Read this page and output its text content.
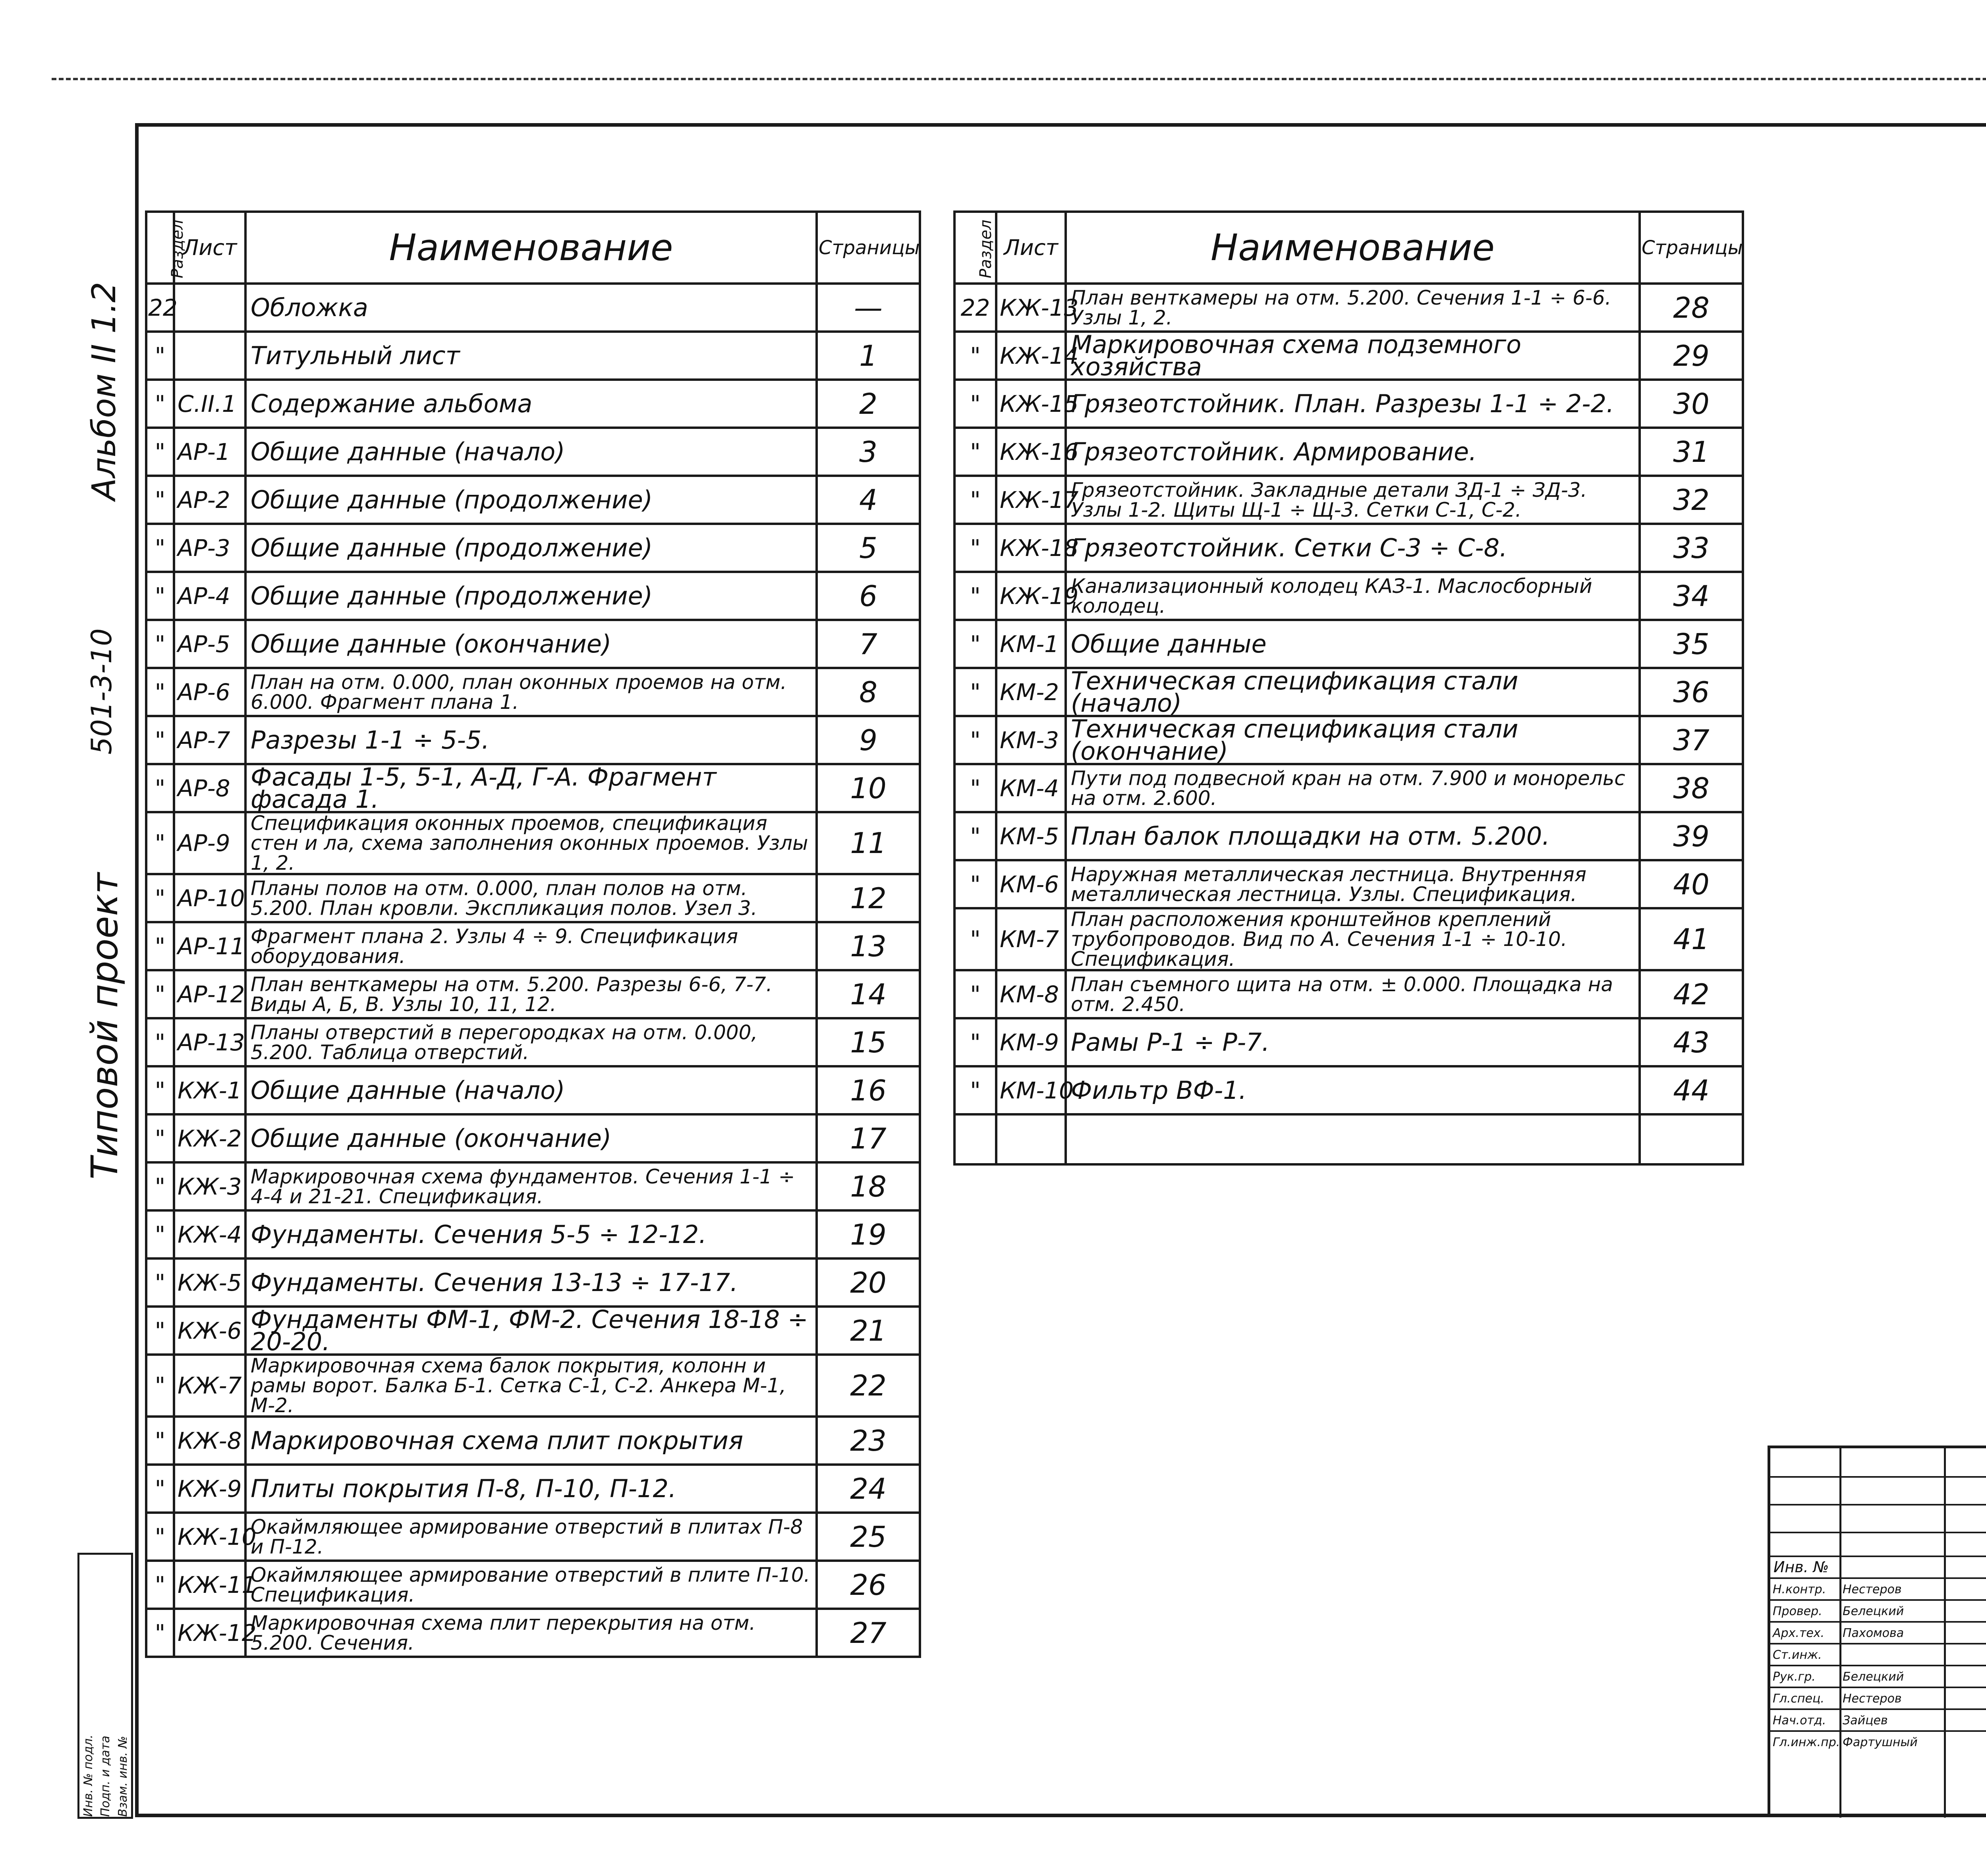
Альбом II 1.2
501-3-10
Типовой проект
Инв. № подл. Подп. и дата Взам. инв. №
Раздел	Лист	Наименование	Страницы
22		Обложка	—
"		Титульный лист	1
"	С.II.1	Содержание альбома	2
"	АР-1	Общие данные (начало)	3
"	АР-2	Общие данные (продолжение)	4
"	АР-3	Общие данные (продолжение)	5
"	АР-4	Общие данные (продолжение)	6
"	АР-5	Общие данные (окончание)	7
"	АР-6	План на отм. 0.000, план оконных проемов на отм. 6.000. Фрагмент плана 1.	8
"	АР-7	Разрезы 1-1 ÷ 5-5.	9
"	АР-8	Фасады 1-5, 5-1, А-Д, Г-А. Фрагмент фасада 1.	10
"	АР-9	Спецификация оконных проемов, спецификация стен и ла, схема заполнения оконных проемов. Узлы 1, 2.	11
"	АР-10	Планы полов на отм. 0.000, план полов на отм. 5.200. План кровли. Экспликация полов. Узел 3.	12
"	АР-11	Фрагмент плана 2. Узлы 4 ÷ 9. Спецификация оборудования.	13
"	АР-12	План венткамеры на отм. 5.200. Разрезы 6-6, 7-7. Виды А, Б, В. Узлы 10, 11, 12.	14
"	АР-13	Планы отверстий в перегородках на отм. 0.000, 5.200. Таблица отверстий.	15
"	КЖ-1	Общие данные (начало)	16
"	КЖ-2	Общие данные (окончание)	17
"	КЖ-3	Маркировочная схема фундаментов. Сечения 1-1 ÷ 4-4 и 21-21. Спецификация.	18
"	КЖ-4	Фундаменты. Сечения 5-5 ÷ 12-12.	19
"	КЖ-5	Фундаменты. Сечения 13-13 ÷ 17-17.	20
"	КЖ-6	Фундаменты ФМ-1, ФМ-2. Сечения 18-18 ÷ 20-20.	21
"	КЖ-7	Маркировочная схема балок покрытия, колонн и рамы ворот. Балка Б-1. Сетка С-1, С-2. Анкера М-1, М-2.	22
"	КЖ-8	Маркировочная схема плит покрытия	23
"	КЖ-9	Плиты покрытия П-8, П-10, П-12.	24
"	КЖ-10	Окаймляющее армирование отверстий в плитах П-8 и П-12.	25
"	КЖ-11	Окаймляющее армирование отверстий в плите П-10. Спецификация.	26
"	КЖ-12	Маркировочная схема плит перекрытия на отм. 5.200. Сечения.	27
Раздел	Лист	Наименование	Страницы
22	КЖ-13	План венткамеры на отм. 5.200. Сечения 1-1 ÷ 6-6. Узлы 1, 2.	28
"	КЖ-14	Маркировочная схема подземного хозяйства	29
"	КЖ-15	Грязеотстойник. План. Разрезы 1-1 ÷ 2-2.	30
"	КЖ-16	Грязеотстойник. Армирование.	31
"	КЖ-17	Грязеотстойник. Закладные детали ЗД-1 ÷ ЗД-3. Узлы 1-2. Щиты Щ-1 ÷ Щ-3. Сетки С-1, С-2.	32
"	КЖ-18	Грязеотстойник. Сетки С-3 ÷ С-8.	33
"	КЖ-19	Канализационный колодец КАЗ-1. Маслосборный колодец.	34
"	КМ-1	Общие данные	35
"	КМ-2	Техническая спецификация стали (начало)	36
"	КМ-3	Техническая спецификация стали (окончание)	37
"	КМ-4	Пути под подвесной кран на отм. 7.900 и монорельс на отм. 2.600.	38
"	КМ-5	План балок площадки на отм. 5.200.	39
"	КМ-6	Наружная металлическая лестница. Внутренняя металлическая лестница. Узлы. Спецификация.	40
"	КМ-7	План расположения кронштейнов креплений трубопроводов. Вид по А. Сечения 1-1 ÷ 10-10. Спецификация.	41
"	КМ-8	План съемного щита на отм. ± 0.000. Площадка на отм. 2.450.	42
"	КМ-9	Рамы Р-1 ÷ Р-7.	43
"	КМ-10	Фильтр ВФ-1.	44

Инв. №
Н.контр. Нестеров
Провер. Белецкий
Арх.тех. Пахомова
Ст.инж.
Рук.гр. Белецкий
Гл.спец. Нестеров
Нач.отд. Зайцев
Гл.инж.пр. Фартушный
